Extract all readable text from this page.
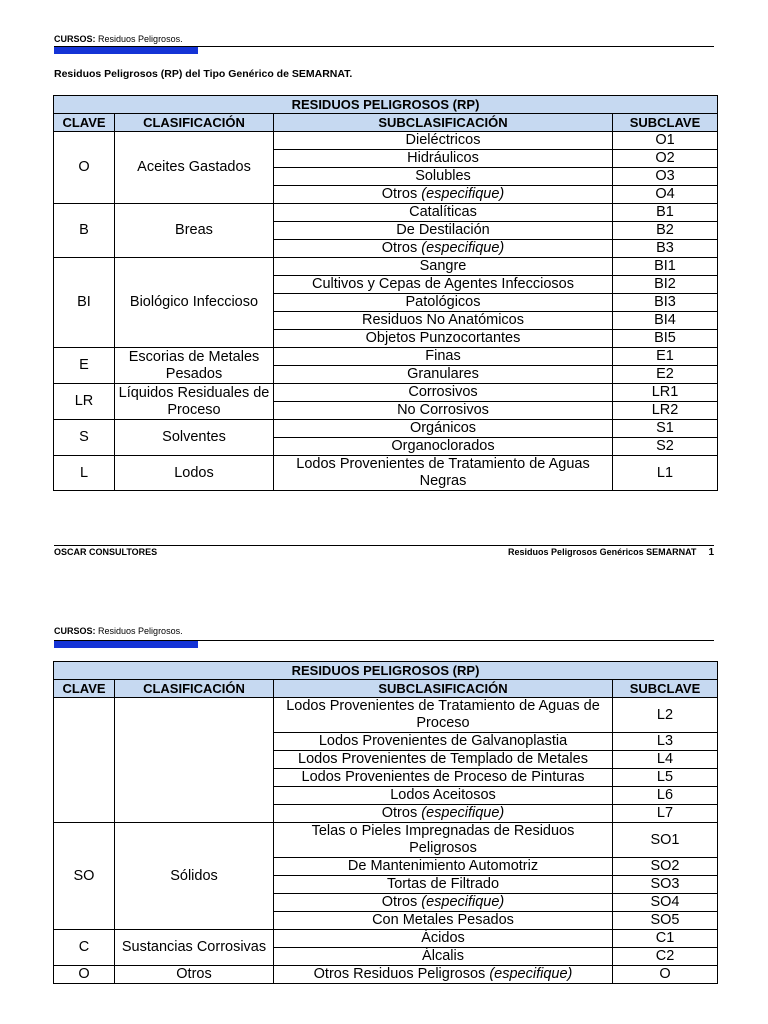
CURSOS: Residuos Peligrosos.
Residuos Peligrosos (RP) del Tipo Genérico de SEMARNAT.
RESIDUOS PELIGROSOS (RP)			
CLAVE	CLASIFICACIÓN	SUBCLASIFICACIÓN	SUBCLAVE
O	Aceites Gastados	Dieléctricos	O1
		Hidráulicos	O2
		Solubles	O3
		Otros (especifique)	O4
B	Breas	Catalíticas	B1
		De Destilación	B2
		Otros (especifique)	B3
BI	Biológico Infeccioso	Sangre	BI1
		Cultivos y Cepas de Agentes Infecciosos	BI2
		Patológicos	BI3
		Residuos No Anatómicos	BI4
		Objetos Punzocortantes	BI5
E	Escorias de Metales Pesados	Finas	E1
		Granulares	E2
LR	Líquidos Residuales de Proceso	Corrosivos	LR1
		No Corrosivos	LR2
S	Solventes	Orgánicos	S1
		Organoclorados	S2
L	Lodos	Lodos Provenientes de Tratamiento de Aguas Negras	L1
OSCAR CONSULTORES	Residuos Peligrosos Genéricos SEMARNAT 1
CURSOS: Residuos Peligrosos.
RESIDUOS PELIGROSOS (RP)			
CLAVE	CLASIFICACIÓN	SUBCLASIFICACIÓN	SUBCLAVE
		Lodos Provenientes de Tratamiento de Aguas de Proceso	L2
		Lodos Provenientes de Galvanoplastia	L3
		Lodos Provenientes de Templado de Metales	L4
		Lodos Provenientes de Proceso de Pinturas	L5
		Lodos Aceitosos	L6
		Otros (especifique)	L7
SO	Sólidos	Telas o Pieles Impregnadas de Residuos Peligrosos	SO1
		De Mantenimiento Automotriz	SO2
		Tortas de Filtrado	SO3
		Otros (especifique)	SO4
		Con Metales Pesados	SO5
C	Sustancias Corrosivas	Ácidos	C1
		Álcalis	C2
O	Otros	Otros Residuos Peligrosos (especifique)	O
